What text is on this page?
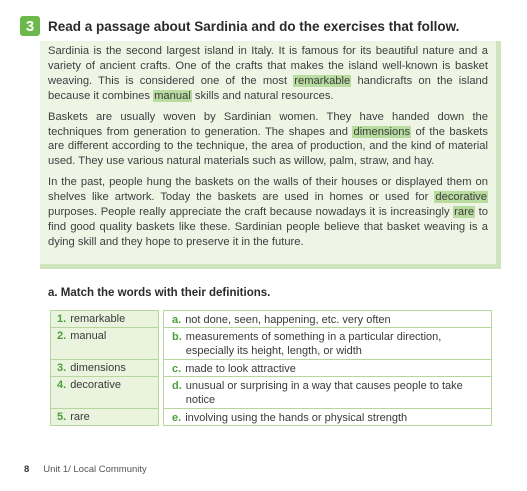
3	Read a passage about Sardinia and do the exercises that follow.

Sardinia is the second largest island in Italy. It is famous for its beautiful nature and a variety of ancient crafts. One of the crafts that makes the island well-known is basket weaving. This is considered one of the most remarkable handicrafts on the island because it combines manual skills and natural resources.

Baskets are usually woven by Sardinian women. They have handed down the techniques from generation to generation. The shapes and dimensions of the baskets are different according to the technique, the area of production, and the kind of material used. They use various natural materials such as willow, palm, straw, and hay.

In the past, people hung the baskets on the walls of their houses or displayed them on shelves like artwork. Today the baskets are used in homes or used for decorative purposes. People really appreciate the craft because nowadays it is increasingly rare to find good quality baskets like these. Sardinian people believe that basket weaving is a dying skill and they hope to preserve it in the future.

a. Match the words with their definitions.
1. remarkable
2. manual
3. dimensions
4. decorative
5. rare
a. not done, seen, happening, etc. very often
b. measurements of something in a particular direction, especially its height, length, or width
c. made to look attractive
d. unusual or surprising in a way that causes people to take notice
e. involving using the hands or physical strength
8 Unit 1/ Local Community
